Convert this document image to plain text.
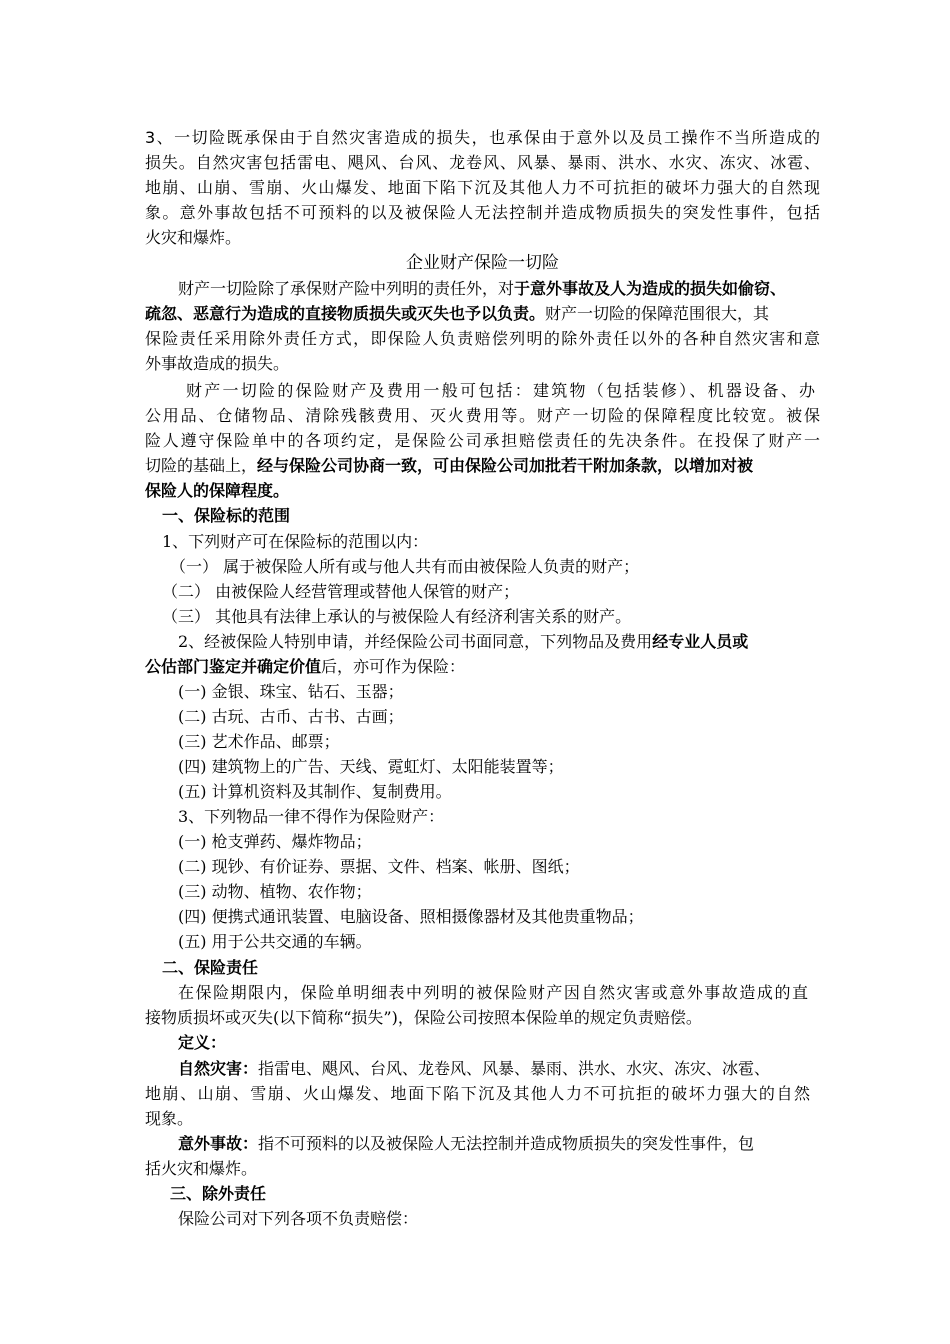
3、一切险既承保由于自然灾害造成的损失，也承保由于意外以及员工操作不当所造成的
损失。自然灾害包括雷电、飓风、台风、龙卷风、风暴、暴雨、洪水、水灾、冻灾、冰雹、
地崩、山崩、雪崩、火山爆发、地面下陷下沉及其他人力不可抗拒的破坏力强大的自然现
象。意外事故包括不可预料的以及被保险人无法控制并造成物质损失的突发性事件，包括
火灾和爆炸。
企业财产保险一切险
财产一切险除了承保财产险中列明的责任外，对于意外事故及人为造成的损失如偷窃、
疏忽、恶意行为造成的直接物质损失或灭失也予以负责。财产一切险的保障范围很大，其
保险责任采用除外责任方式，即保险人负责赔偿列明的除外责任以外的各种自然灾害和意
外事故造成的损失。
财产一切险的保险财产及费用一般可包括：建筑物（包括装修）、机器设备、办
公用品、仓储物品、清除残骸费用、灭火费用等。财产一切险的保障程度比较宽。被保
险人遵守保险单中的各项约定，是保险公司承担赔偿责任的先决条件。在投保了财产一
切险的基础上，经与保险公司协商一致，可由保险公司加批若干附加条款，以增加对被
保险人的保障程度。
一、保险标的范围
1、下列财产可在保险标的范围以内：
（一） 属于被保险人所有或与他人共有而由被保险人负责的财产；
（二） 由被保险人经营管理或替他人保管的财产；
（三） 其他具有法律上承认的与被保险人有经济利害关系的财产。
2、经被保险人特别申请，并经保险公司书面同意，下列物品及费用经专业人员或
公估部门鉴定并确定价值后，亦可作为保险：
(一) 金银、珠宝、钻石、玉器；
(二) 古玩、古币、古书、古画；
(三) 艺术作品、邮票；
(四) 建筑物上的广告、天线、霓虹灯、太阳能装置等；
(五) 计算机资料及其制作、复制费用。
3、下列物品一律不得作为保险财产：
(一) 枪支弹药、爆炸物品；
(二) 现钞、有价证券、票据、文件、档案、帐册、图纸；
(三) 动物、植物、农作物；
(四) 便携式通讯装置、电脑设备、照相摄像器材及其他贵重物品；
(五) 用于公共交通的车辆。
二、保险责任
在保险期限内，保险单明细表中列明的被保险财产因自然灾害或意外事故造成的直
接物质损坏或灭失(以下简称“损失”)，保险公司按照本保险单的规定负责赔偿。
定义：
自然灾害：指雷电、飓风、台风、龙卷风、风暴、暴雨、洪水、水灾、冻灾、冰雹、
地崩、山崩、雪崩、火山爆发、地面下陷下沉及其他人力不可抗拒的破坏力强大的自然
现象。
意外事故：指不可预料的以及被保险人无法控制并造成物质损失的突发性事件，包
括火灾和爆炸。
三、除外责任
保险公司对下列各项不负责赔偿：
